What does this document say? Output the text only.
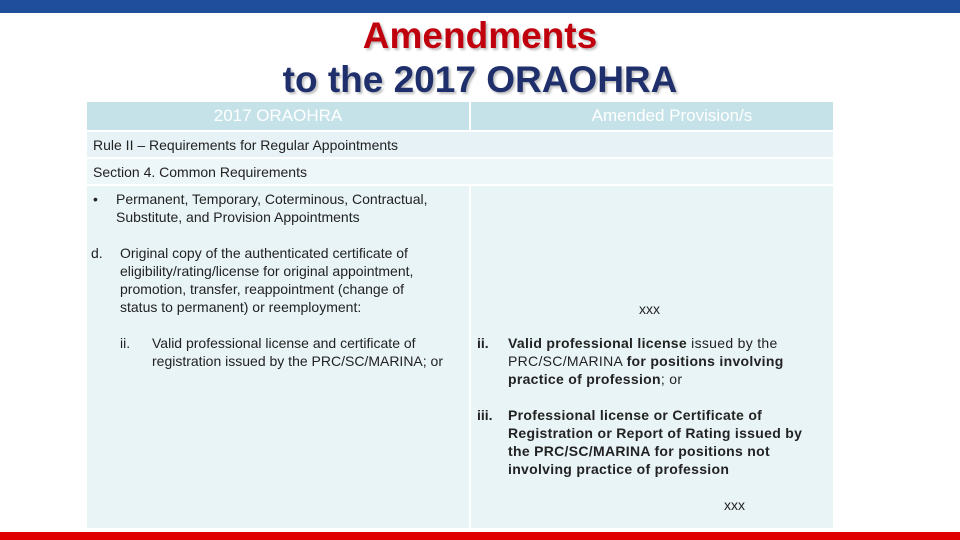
Amendments
to the 2017 ORAOHRA
2017 ORAOHRA	Amended Provision/s
Rule II – Requirements for Regular Appointments
Section 4. Common Requirements
• Permanent, Temporary, Coterminous, Contractual,
Substitute, and Provision Appointments
d. Original copy of the authenticated certificate of
eligibility/rating/license for original appointment,
promotion, transfer, reappointment (change of
status to permanent) or reemployment:
ii. Valid professional license and certificate of
registration issued by the PRC/SC/MARINA; or
xxx
ii. Valid professional license issued by the
PRC/SC/MARINA for positions involving
practice of profession; or
iii. Professional license or Certificate of
Registration or Report of Rating issued by
the PRC/SC/MARINA for positions not
involving practice of profession
xxx
